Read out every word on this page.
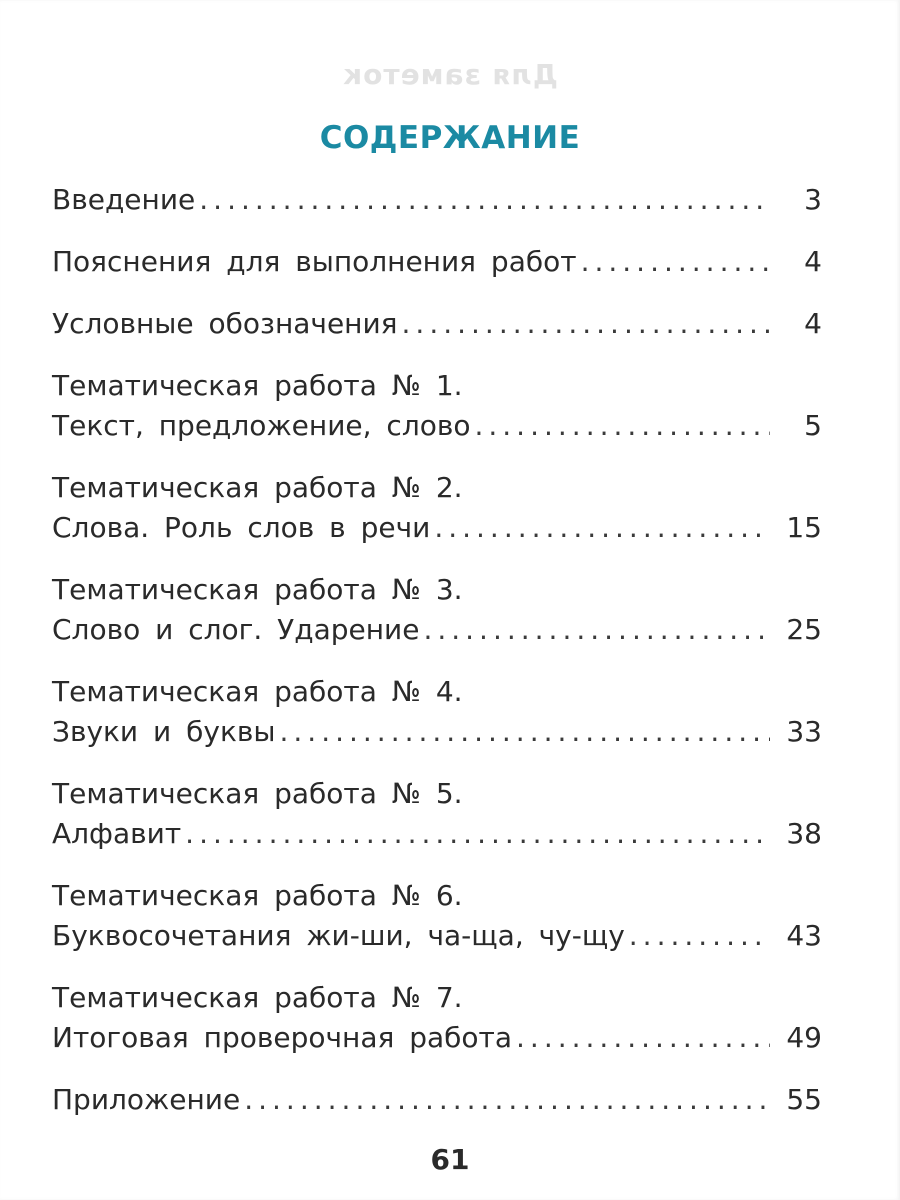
Для заметок
СОДЕРЖАНИЕ
Введение .....	3
Пояснения для выполнения работ .....	4
Условные обозначения .....	4
Тематическая работа № 1.
Текст, предложение, слово .....	5
Тематическая работа № 2.
Слова. Роль слов в речи .....	15
Тематическая работа № 3.
Слово и слог. Ударение .....	25
Тематическая работа № 4.
Звуки и буквы .....	33
Тематическая работа № 5.
Алфавит .....	38
Тематическая работа № 6.
Буквосочетания жи-ши, ча-ща, чу-щу .....	43
Тематическая работа № 7.
Итоговая проверочная работа .....	49
Приложение .....	55
61
